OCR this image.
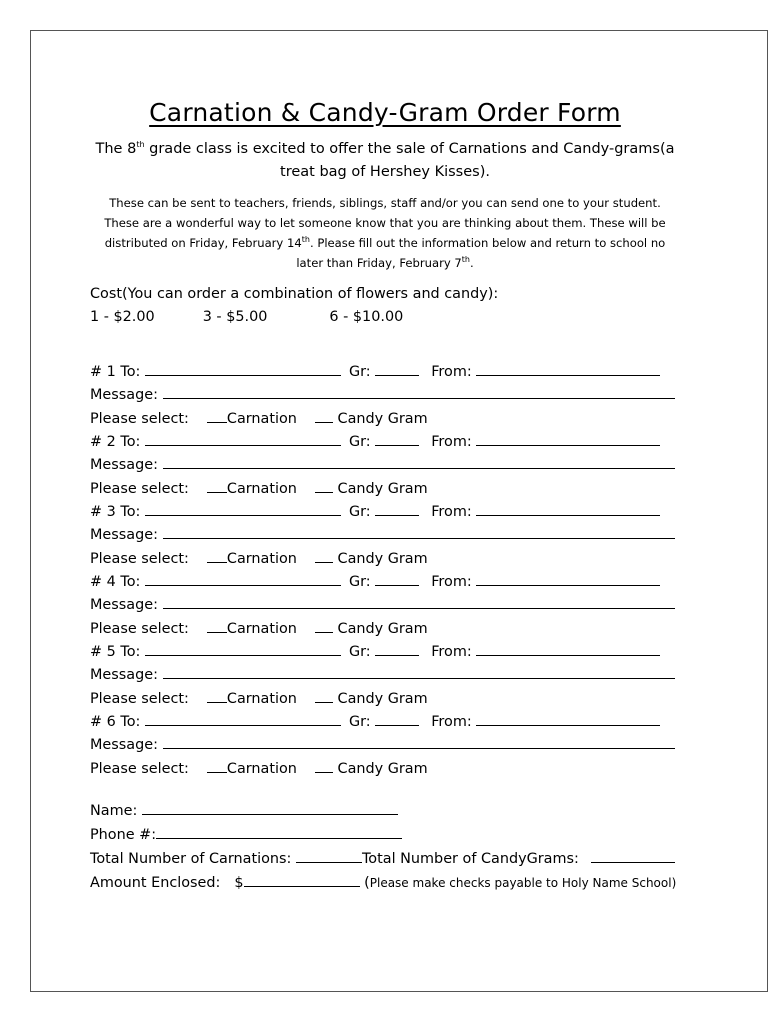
Carnation & Candy-Gram Order Form
The 8th grade class is excited to offer the sale of Carnations and Candy-grams(a treat bag of Hershey Kisses).
These can be sent to teachers, friends, siblings, staff and/or you can send one to your student. These are a wonderful way to let someone know that you are thinking about them. These will be distributed on Friday, February 14th. Please fill out the information below and return to school no later than Friday, February 7th.
Cost(You can order a combination of flowers and candy):
1 - $2.00	3 - $5.00	6 - $10.00
# 1 To:	Gr:	From:
Message:
Please select:	Carnation	Candy Gram
# 2 To:	Gr:	From:
Message:
Please select:	Carnation	Candy Gram
# 3 To:	Gr:	From:
Message:
Please select:	Carnation	Candy Gram
# 4 To:	Gr:	From:
Message:
Please select:	Carnation	Candy Gram
# 5 To:	Gr:	From:
Message:
Please select:	Carnation	Candy Gram
# 6 To:	Gr:	From:
Message:
Please select:	Carnation	Candy Gram
Name:
Phone #:
Total Number of Carnations:	Total Number of CandyGrams:
Amount Enclosed: $	(Please make checks payable to Holy Name School)
